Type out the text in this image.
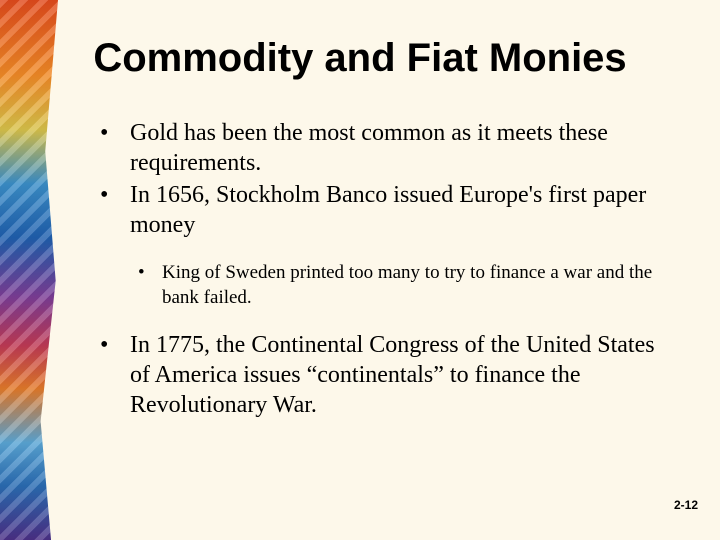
Commodity and Fiat Monies
• Gold has been the most common as it meets these requirements.
• In 1656, Stockholm Banco issued Europe's first paper money
• King of Sweden printed too many to try to finance a war and the bank failed.
• In 1775, the Continental Congress of the United States of America issues “continentals” to finance the Revolutionary War.
2-12
